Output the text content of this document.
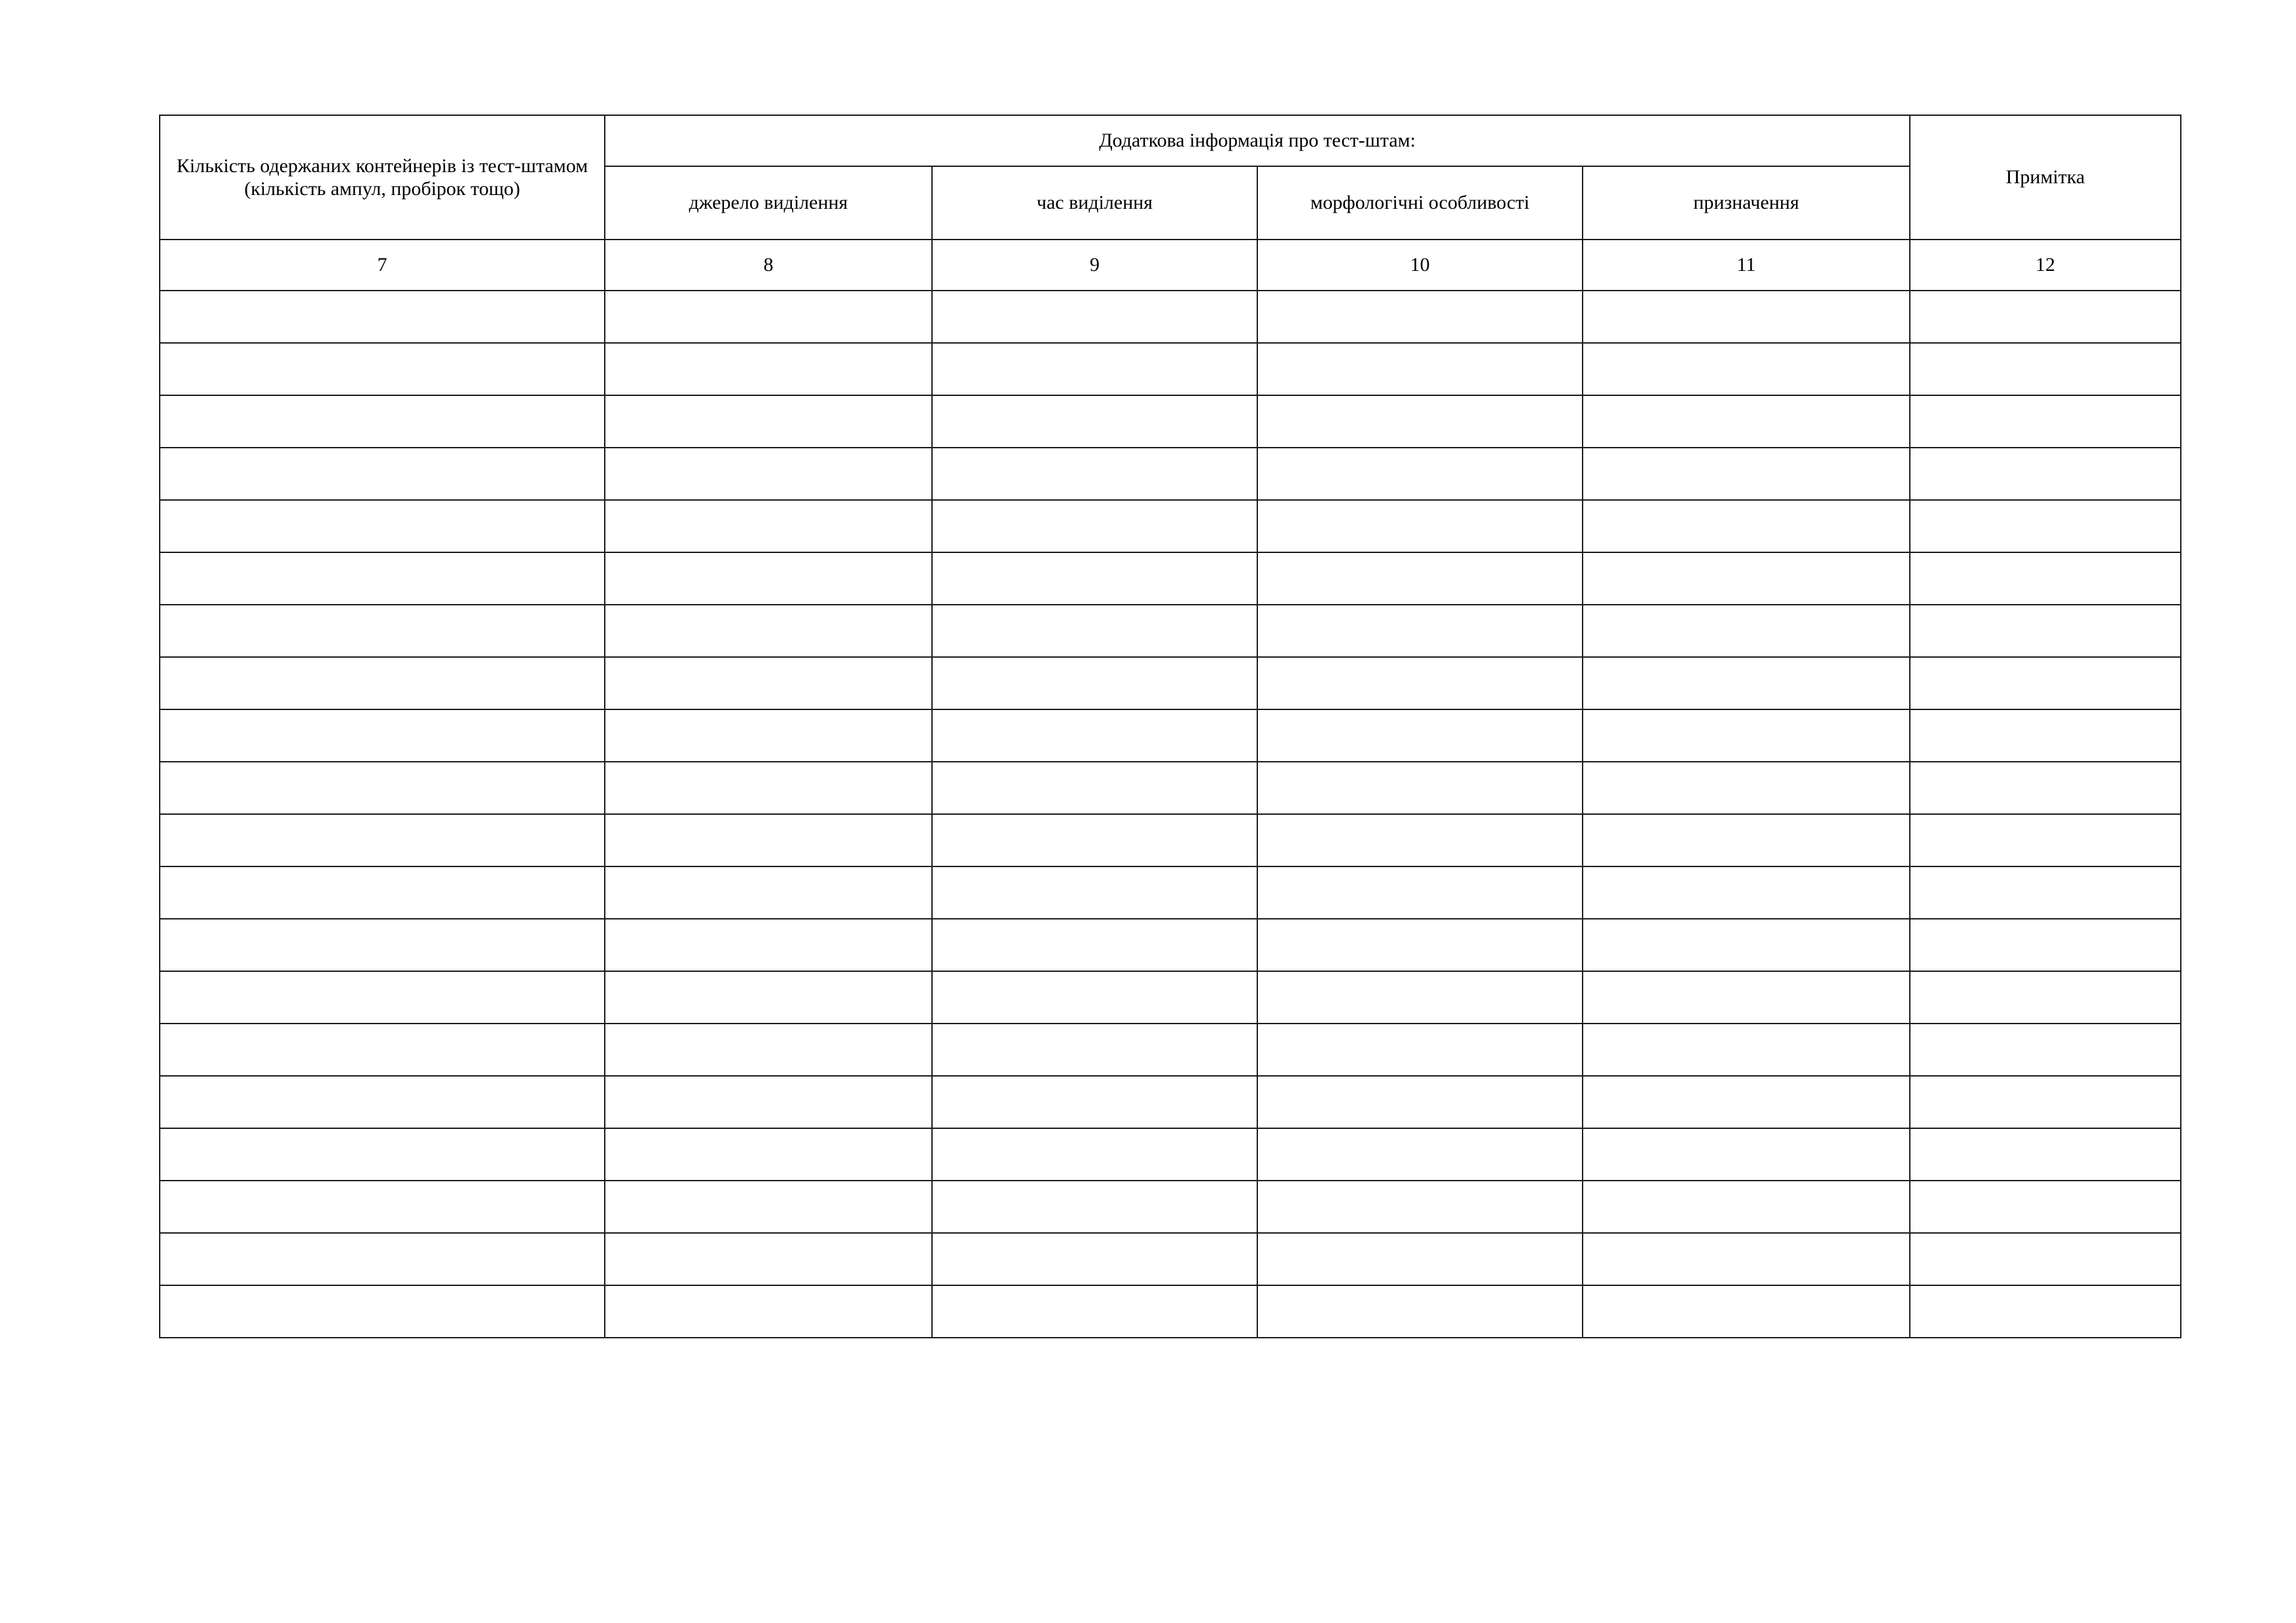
Кількість одержаних контейнерів із тест-штамом (кількість ампул, пробірок тощо)	Додаткова інформація про тест-штам:				Примітка
	джерело виділення	час виділення	морфологічні особливості	призначення	
7	8	9	10	11	12
